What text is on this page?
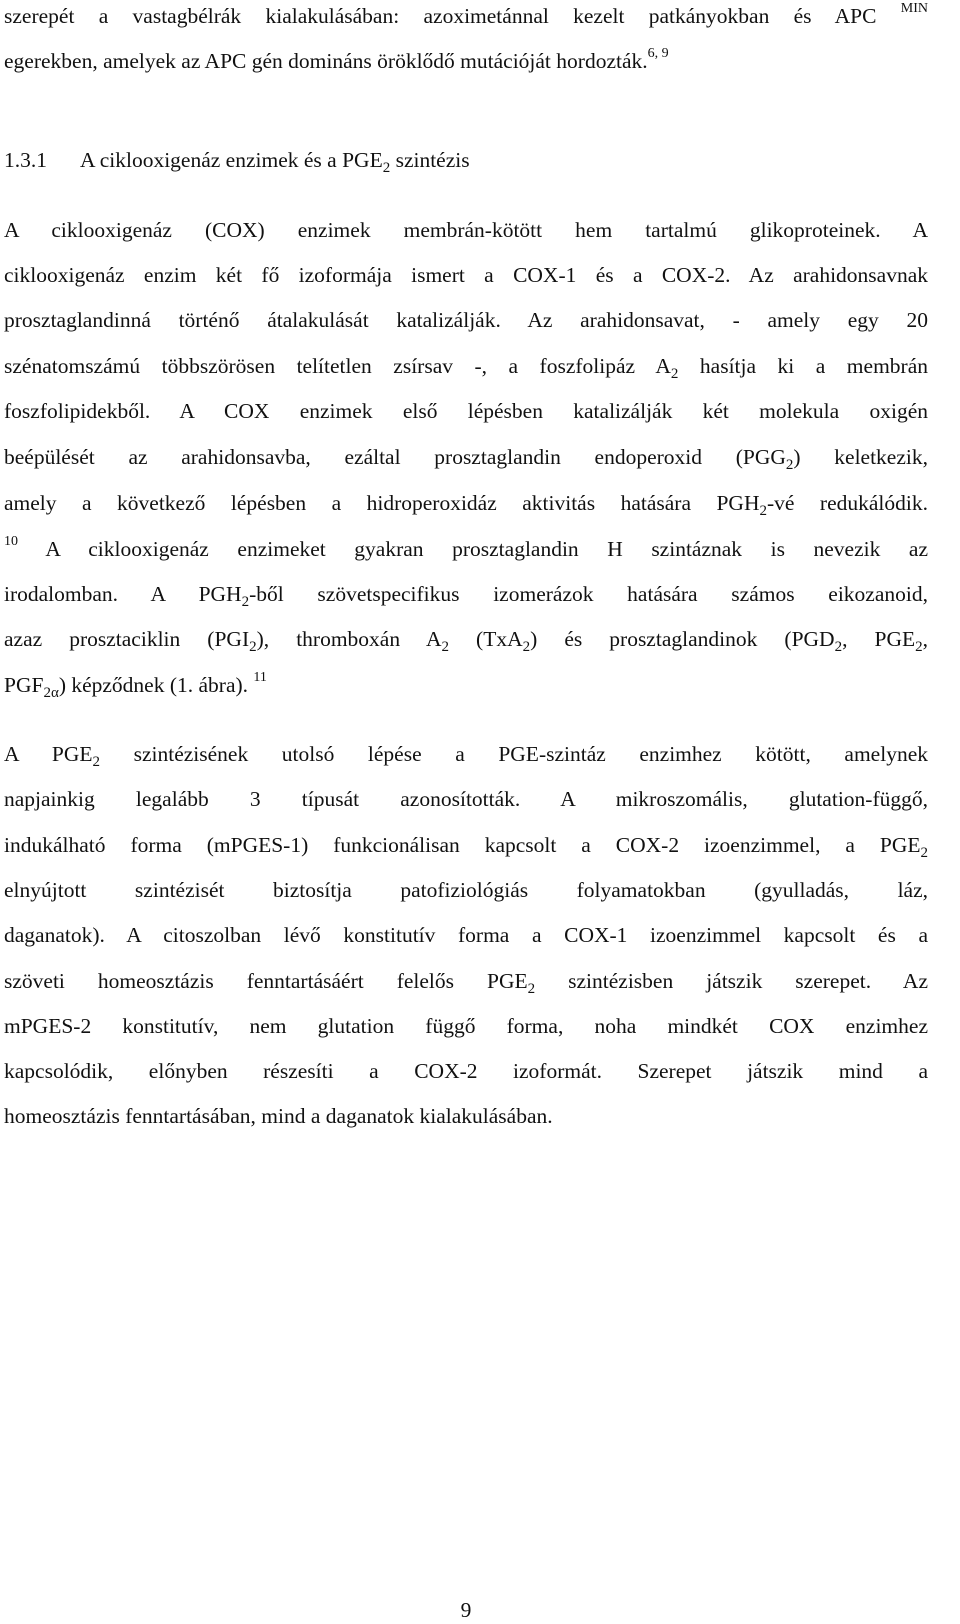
szerepét a vastagbélrák kialakulásában: azoximetánnal kezelt patkányokban és APC $^{MIN}$
egerekben, amelyek az APC gén domináns öröklődő mutációját hordozták.$^{6, 9}$
1.3.1 A ciklooxigenáz enzimek és a $PGE_2$ szintézis
A ciklooxigenáz (COX) enzimek membrán-kötött hem tartalmú glikoproteinek. A
ciklooxigenáz enzim két fő izoformája ismert a COX-1 és a COX-2. Az arahidonsavnak
prosztaglandinná történő átalakulását katalizálják. Az arahidonsavat, - amely egy 20
szénatomszámú többszörösen telítetlen zsírsav -, a foszfolipáz $A_2$ hasítja ki a membrán
foszfolipidekből. A COX enzimek első lépésben katalizálják két molekula oxigén
beépülését az arahidonsavba, ezáltal prosztaglandin endoperoxid $(PGG_2)$ keletkezik,
amely a következő lépésben a hidroperoxidáz aktivitás hatására $PGH_2-vé$ redukálódik.
$^{10}$ A ciklooxigenáz enzimeket gyakran prosztaglandin H szintáznak is nevezik az
irodalomban. A $PGH_2$-ből szövetspecifikus izomerázok hatására számos eikozanoid,
azaz prosztaciklin $(PGI_2)$, thromboxán $A_2$ (TxA$_2$) és prosztaglandinok ($PGD_2$, $PGE_2$,
$PGF_{2\alpha}$) képződnek (1. ábra). $^{11}$
A $PGE_2$ szintézisének utolsó lépése a PGE-szintáz enzimhez kötött, amelynek
napjainkig legalább 3 típusát azonosították. A mikroszomális, glutation-függő,
indukálható forma (mPGES-1) funkcionálisan kapcsolt a COX-2 izoenzimmel, a $PGE_2$
elnyújtott szintézisét biztosítja patofiziológiás folyamatokban (gyulladás, láz,
daganatok). A citoszolban lévő konstitutív forma a COX-1 izoenzimmel kapcsolt és a
szöveti homeosztázis fenntartásáért felelős $PGE_2$ szintézisben játszik szerepet. Az
mPGES-2 konstitutív, nem glutation függő forma, noha mindkét COX enzimhez
kapcsolódik, előnyben részesíti a COX-2 izoformát. Szerepet játszik mind a
homeosztázis fenntartásában, mind a daganatok kialakulásában.
9
